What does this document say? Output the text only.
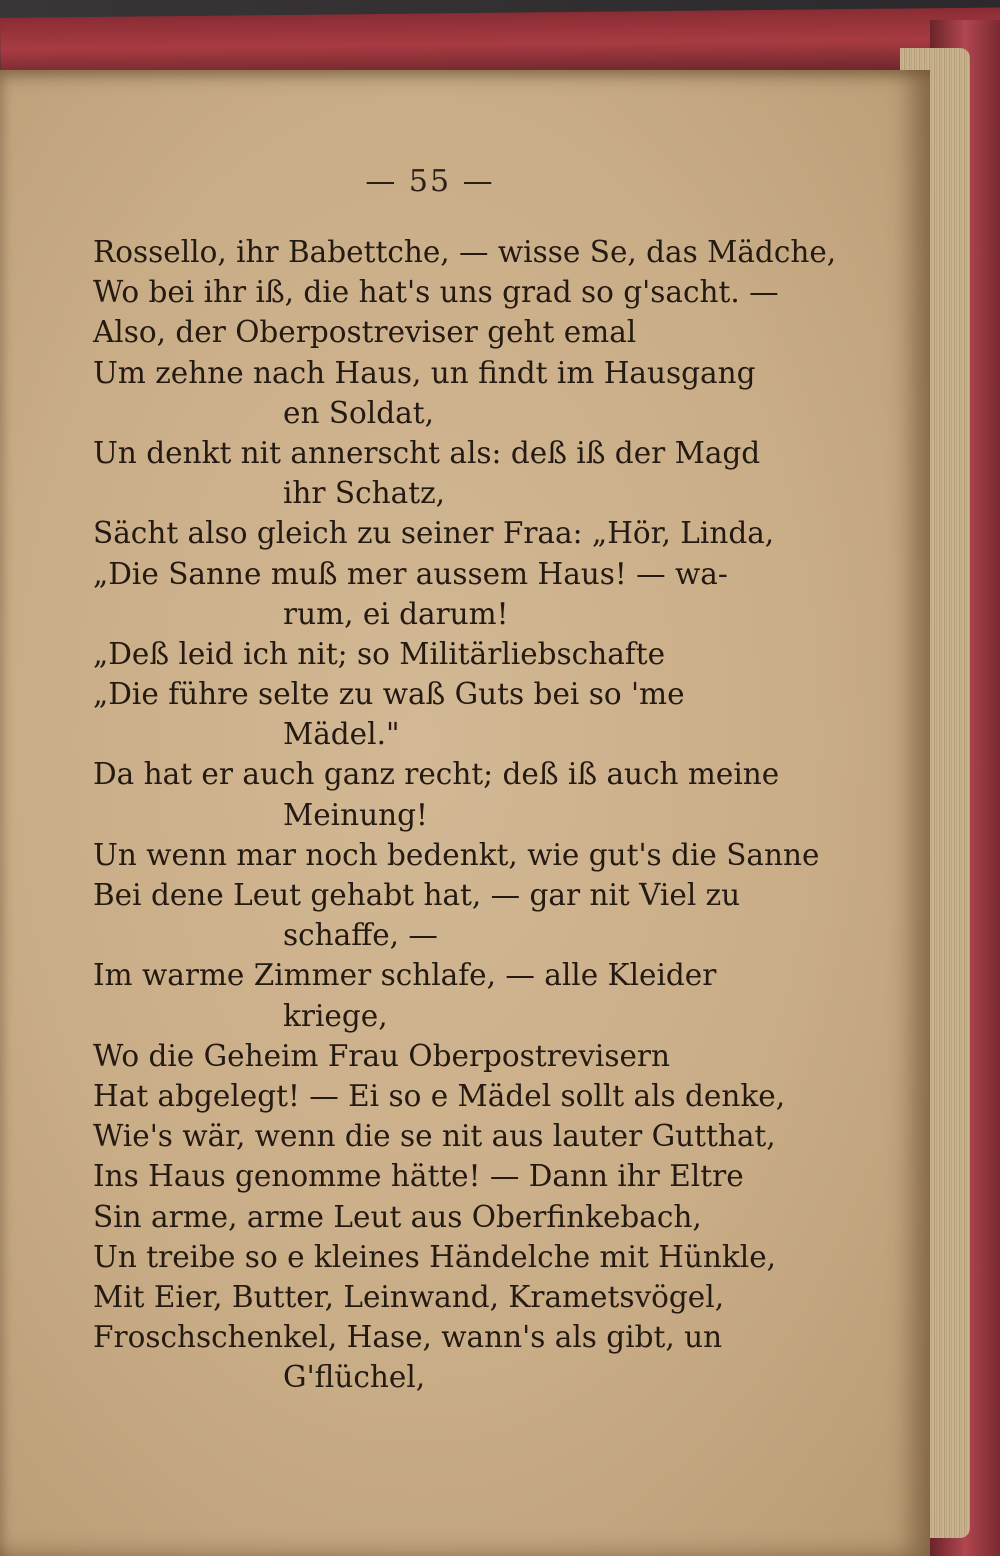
— 55 —
Rossello, ihr Babettche, — wisse Se, das Mädche,
Wo bei ihr iß, die hat's uns grad so g'sacht. —
Also, der Oberpostreviser geht emal
Um zehne nach Haus, un findt im Hausgang
en Soldat,
Un denkt nit annerscht als: deß iß der Magd
ihr Schatz,
Sächt also gleich zu seiner Fraa: „Hör, Linda,
„Die Sanne muß mer aussem Haus! — wa-
rum, ei darum!
„Deß leid ich nit; so Militärliebschafte
„Die führe selte zu waß Guts bei so 'me
Mädel."
Da hat er auch ganz recht; deß iß auch meine
Meinung!
Un wenn mar noch bedenkt, wie gut's die Sanne
Bei dene Leut gehabt hat, — gar nit Viel zu
schaffe, —
Im warme Zimmer schlafe, — alle Kleider
kriege,
Wo die Geheim Frau Oberpostrevisern
Hat abgelegt! — Ei so e Mädel sollt als denke,
Wie's wär, wenn die se nit aus lauter Gutthat,
Ins Haus genomme hätte! — Dann ihr Eltre
Sin arme, arme Leut aus Oberfinkebach,
Un treibe so e kleines Händelche mit Hünkle,
Mit Eier, Butter, Leinwand, Krametsvögel,
Froschschenkel, Hase, wann's als gibt, un
G'flüchel,
